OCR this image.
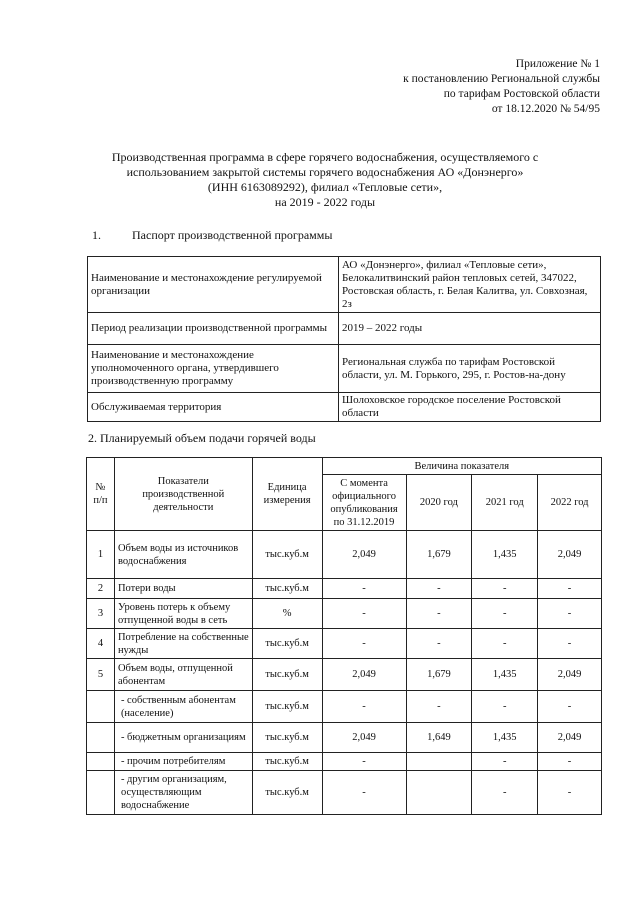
Приложение № 1
к постановлению Региональной службы
по тарифам Ростовской области
от 18.12.2020 № 54/95
Производственная программа в сфере горячего водоснабжения, осуществляемого с
использованием закрытой системы горячего водоснабжения АО «Донэнерго»
(ИНН 6163089292), филиал «Тепловые сети»,
на 2019 - 2022 годы
1.	Паспорт производственной программы
Наименование и местонахождение регулируемой организации	АО «Донэнерго», филиал «Тепловые сети», Белокалитвинский район тепловых сетей, 347022, Ростовская область, г. Белая Калитва, ул. Совхозная, 2з
Период реализации производственной программы	2019 – 2022 годы
Наименование и местонахождение уполномоченного органа, утвердившего производственную программу	Региональная служба по тарифам Ростовской области, ул. М. Горького, 295, г. Ростов-на-дону
Обслуживаемая территория	Шолоховское городское поселение Ростовской области
2. Планируемый объем подачи горячей воды
№ п/п	Показатели производственной деятельности	Единица измерения	Величина показателя			
			С момента официального опубликования по 31.12.2019	2020 год	2021 год	2022 год
1	Объем воды из источников водоснабжения	тыс.куб.м	2,049	1,679	1,435	2,049
2	Потери воды	тыс.куб.м	-	-	-	-
3	Уровень потерь к объему отпущенной воды в сеть	%	-	-	-	-
4	Потребление на собственные нужды	тыс.куб.м	-	-	-	-
5	Объем воды, отпущенной абонентам	тыс.куб.м	2,049	1,679	1,435	2,049
	- собственным абонентам (население)	тыс.куб.м	-	-	-	-
	- бюджетным организациям	тыс.куб.м	2,049	1,649	1,435	2,049
	- прочим потребителям	тыс.куб.м	-		-	-
	- другим организациям, осуществляющим водоснабжение	тыс.куб.м	-		-	-
